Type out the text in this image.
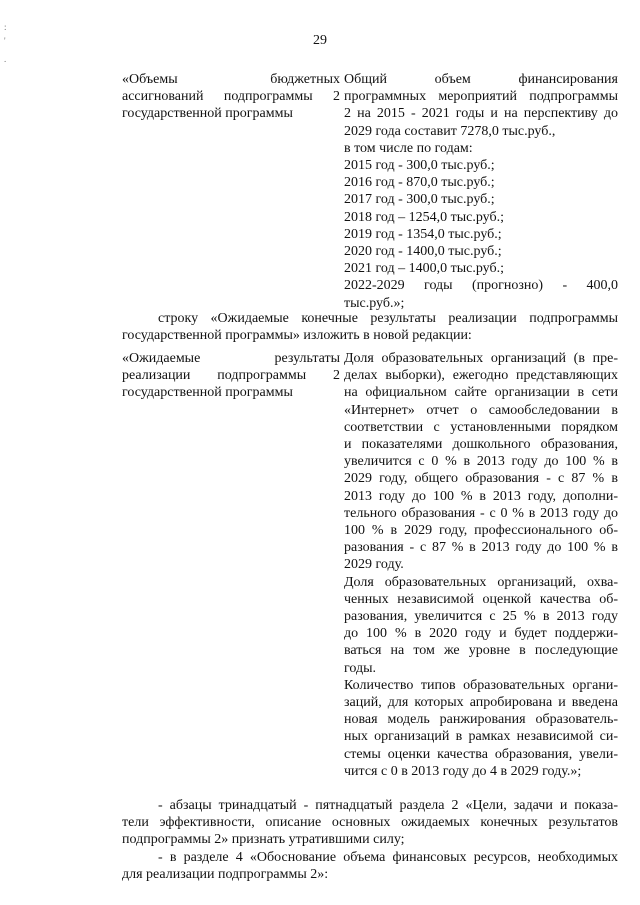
:
'
.
29
«Объемы бюджетных
ассигнований подпрограммы 2
государственной программы
Общий объем финансирования
программных мероприятий подпрограммы
2 на 2015 - 2021 годы и на перспективу до
2029 года составит 7278,0 тыс.руб.,
в том числе по годам:
2015 год - 300,0 тыс.руб.;
2016 год - 870,0 тыс.руб.;
2017 год - 300,0 тыс.руб.;
2018 год – 1254,0 тыс.руб.;
2019 год - 1354,0 тыс.руб.;
2020 год - 1400,0 тыс.руб.;
2021 год – 1400,0 тыс.руб.;
2022-2029 годы (прогнозно) - 400,0
тыс.руб.»;
строку «Ожидаемые конечные результаты реализации подпрограммы
государственной программы» изложить в новой редакции:
«Ожидаемые результаты
реализации подпрограммы 2
государственной программы
Доля образовательных организаций (в пре-
делах выборки), ежегодно представляющих
на официальном сайте организации в сети
«Интернет» отчет о самообследовании в
соответствии с установленными порядком
и показателями дошкольного образования,
увеличится с 0 % в 2013 году до 100 % в
2029 году, общего образования - с 87 % в
2013 году до 100 % в 2013 году, дополни-
тельного образования - с 0 % в 2013 году до
100 % в 2029 году, профессионального об-
разования - с 87 % в 2013 году до 100 % в
2029 году.
Доля образовательных организаций, охва-
ченных независимой оценкой качества об-
разования, увеличится с 25 % в 2013 году
до 100 % в 2020 году и будет поддержи-
ваться на том же уровне в последующие
годы.
Количество типов образовательных органи-
заций, для которых апробирована и введена
новая модель ранжирования образователь-
ных организаций в рамках независимой си-
стемы оценки качества образования, увели-
чится с 0 в 2013 году до 4 в 2029 году.»;
- абзацы тринадцатый - пятнадцатый раздела 2 «Цели, задачи и показа-
тели эффективности, описание основных ожидаемых конечных результатов
подпрограммы 2» признать утратившими силу;
- в разделе 4 «Обоснование объема финансовых ресурсов, необходимых
для реализации подпрограммы 2»:
